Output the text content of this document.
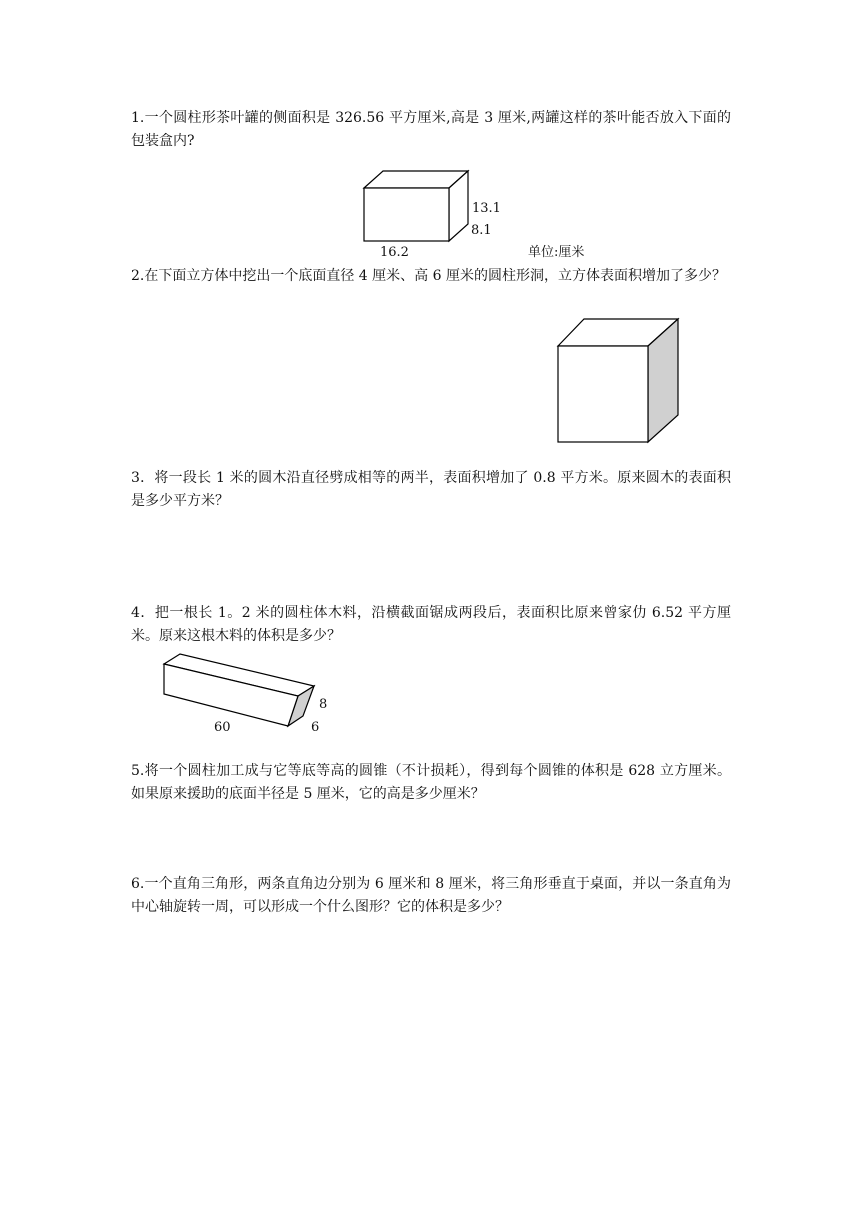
1.一个圆柱形茶叶罐的侧面积是 326.56 平方厘米,高是 3 厘米,两罐这样的茶叶能否放入下面的包装盒内?

13.1
8.1
16.2	单位:厘米

2.在下面立方体中挖出一个底面直径 4 厘米、高 6 厘米的圆柱形洞，立方体表面积增加了多少？

3．将一段长 1 米的圆木沿直径劈成相等的两半，表面积增加了 0.8 平方米。原来圆木的表面积是多少平方米？

4．把一根长 1。2 米的圆柱体木料，沿横截面锯成两段后，表面积比原来曾家仂 6.52 平方厘米。原来这根木料的体积是多少？

8
6
60

5.将一个圆柱加工成与它等底等高的圆锥（不计损耗），得到每个圆锥的体积是 628 立方厘米。如果原来援助的底面半径是 5 厘米，它的高是多少厘米？

6.一个直角三角形，两条直角边分别为 6 厘米和 8 厘米，将三角形垂直于桌面，并以一条直角为中心轴旋转一周，可以形成一个什么图形？它的体积是多少？
